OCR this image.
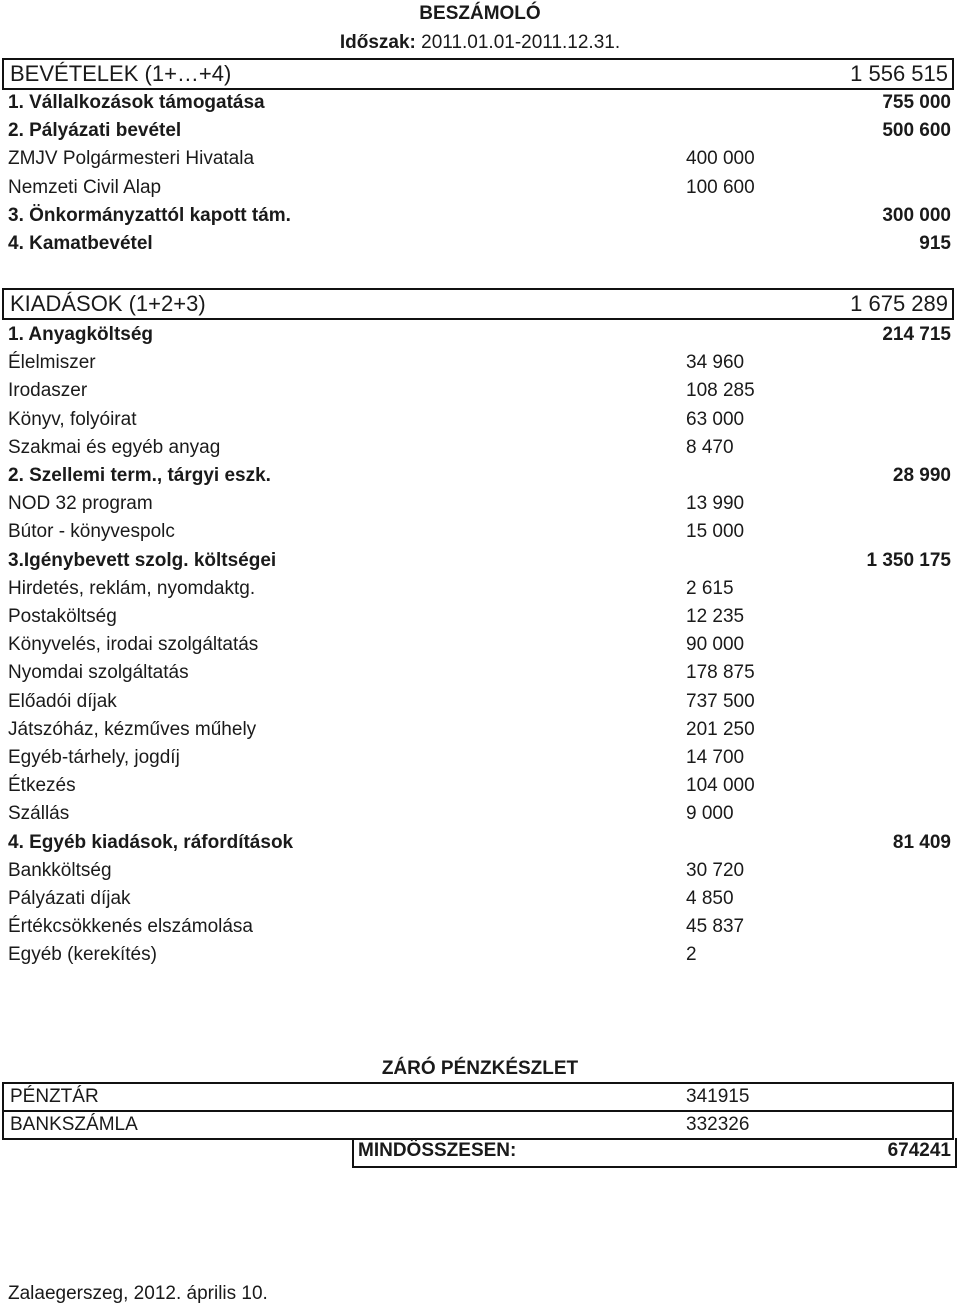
BESZÁMOLÓ
Időszak: 2011.01.01-2011.12.31.
BEVÉTELEK (1+…+4)	1 556 515
1. Vállalkozások támogatása	755 000
2. Pályázati bevétel	500 600
ZMJV Polgármesteri Hivatala	400 000
Nemzeti Civil Alap	100 600
3. Önkormányzattól kapott tám.	300 000
4. Kamatbevétel	915
KIADÁSOK (1+2+3)	1 675 289
1. Anyagköltség	214 715
Élelmiszer	34 960
Irodaszer	108 285
Könyv, folyóirat	63 000
Szakmai és egyéb anyag	8 470
2. Szellemi term., tárgyi eszk.	28 990
NOD 32 program	13 990
Bútor - könyvespolc	15 000
3.Igénybevett szolg. költségei	1 350 175
Hirdetés, reklám, nyomdaktg.	2 615
Postaköltség	12 235
Könyvelés, irodai szolgáltatás	90 000
Nyomdai szolgáltatás	178 875
Előadói díjak	737 500
Játszóház, kézműves műhely	201 250
Egyéb-tárhely, jogdíj	14 700
Étkezés	104 000
Szállás	9 000
4. Egyéb kiadások, ráfordítások	81 409
Bankköltség	30 720
Pályázati díjak	4 850
Értékcsökkenés elszámolása	45 837
Egyéb (kerekítés)	2
ZÁRÓ PÉNZKÉSZLET
PÉNZTÁR	341915
BANKSZÁMLA	332326
MINDÖSSZESEN:	674241
Zalaegerszeg, 2012. április 10.
